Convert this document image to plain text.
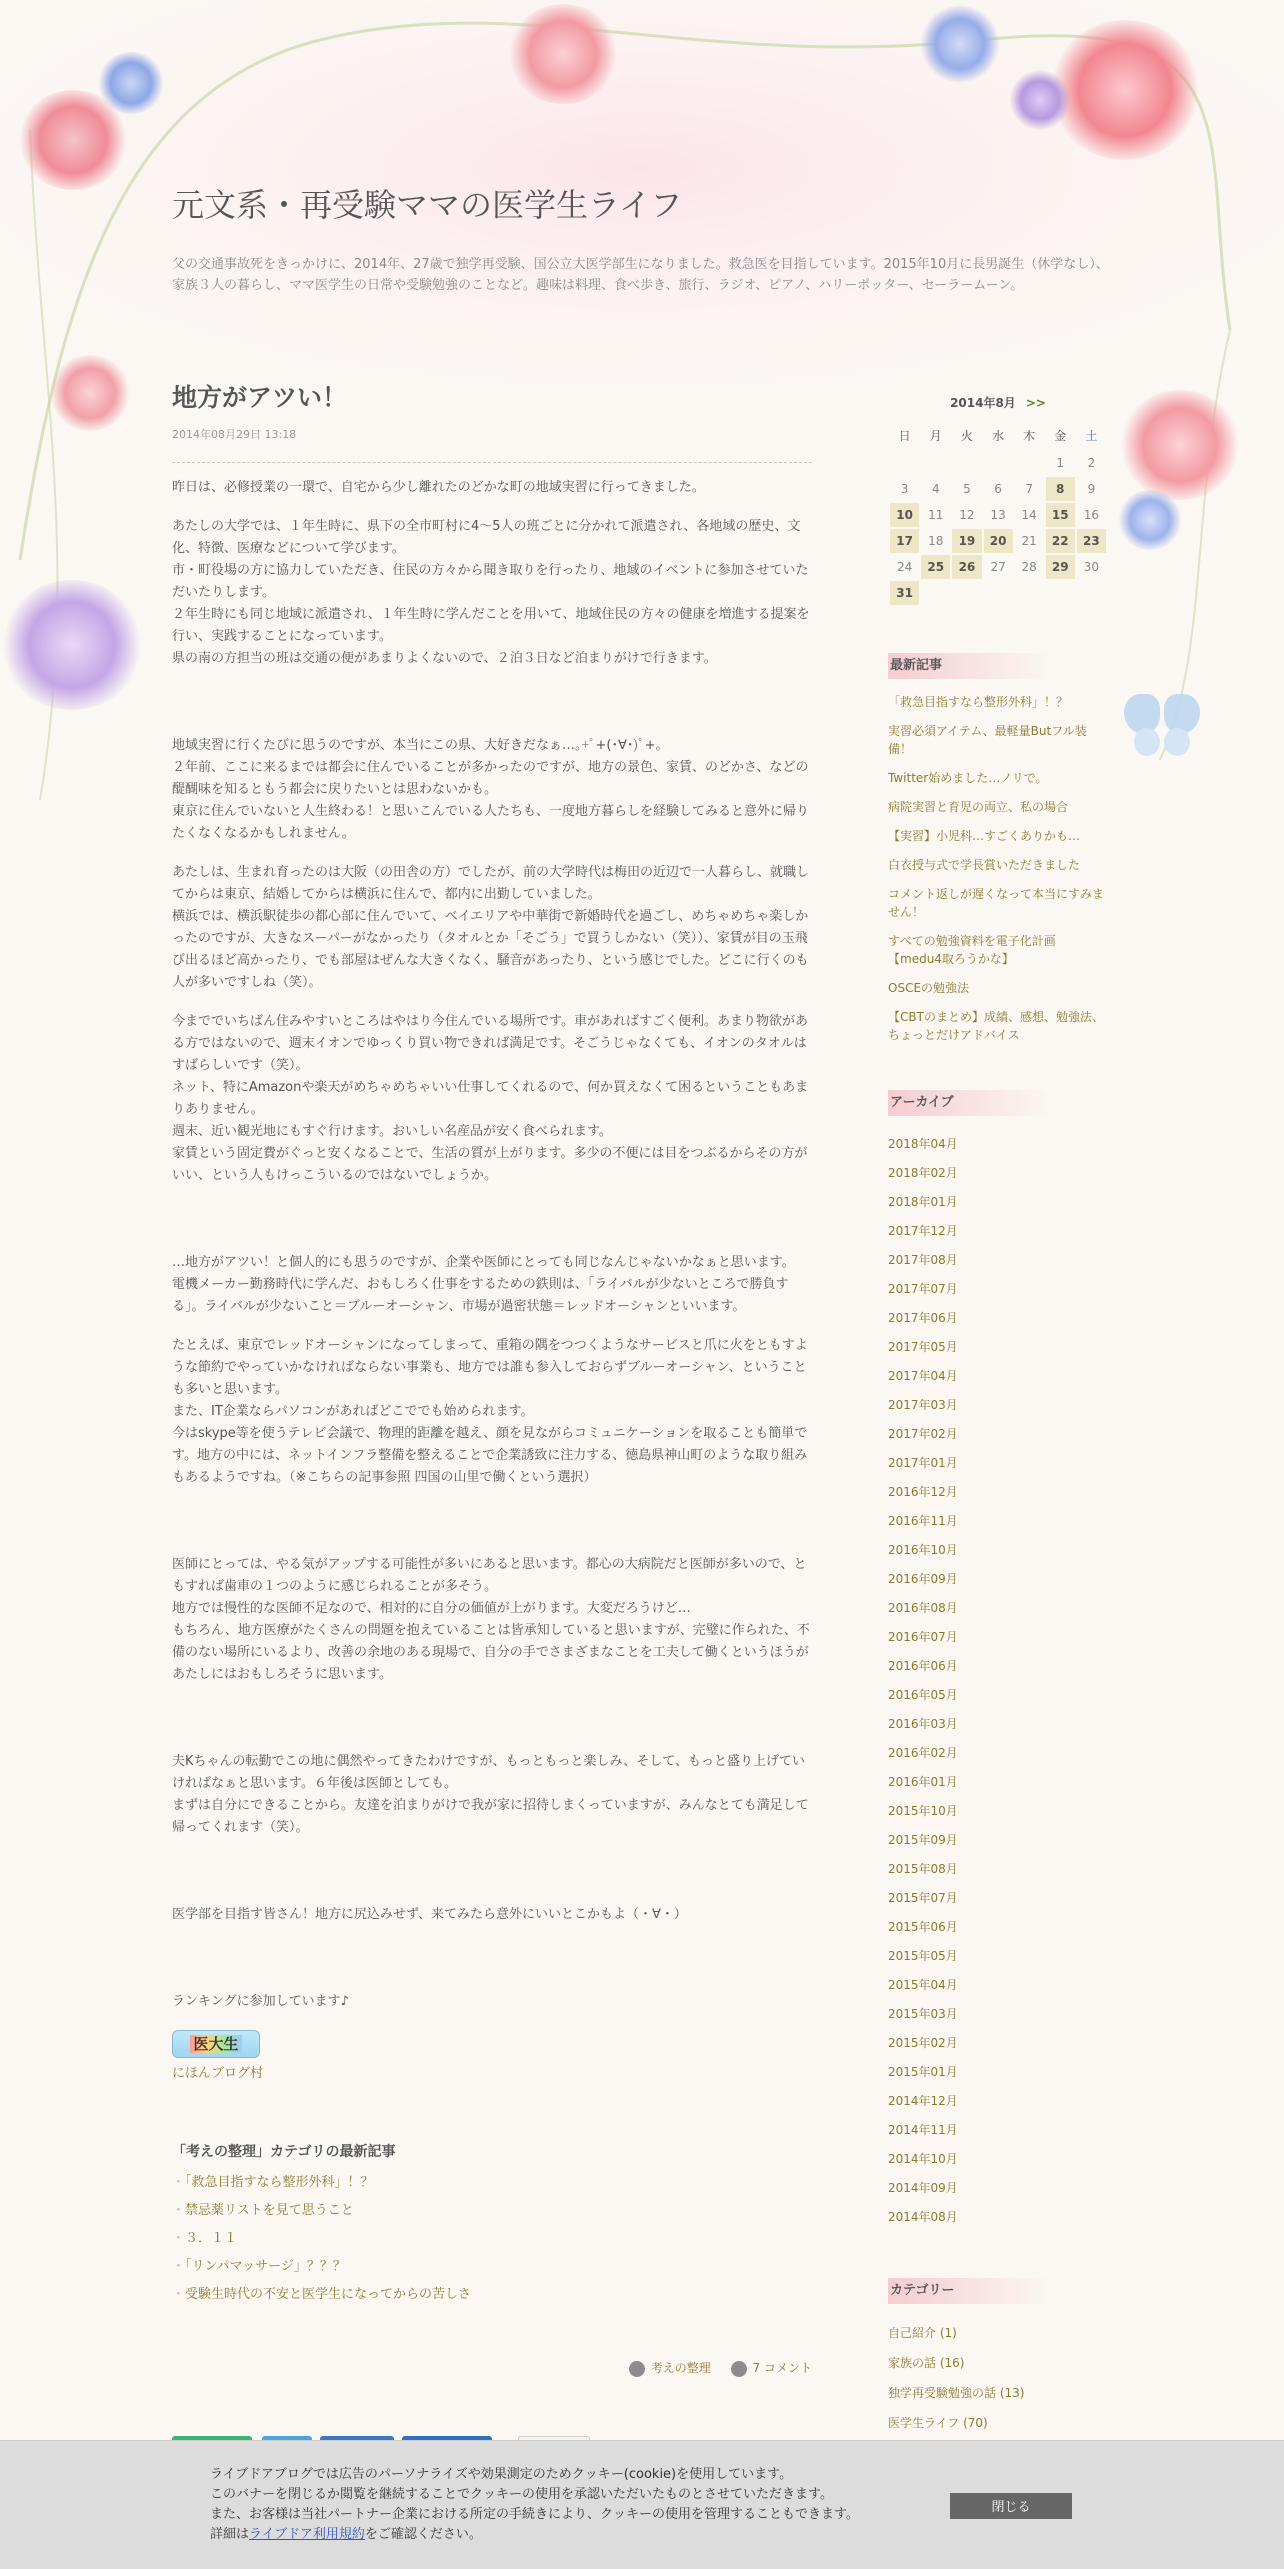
元文系・再受験ママの医学生ライフ
父の交通事故死をきっかけに、2014年、27歳で独学再受験、国公立大医学部生になりました。救急医を目指しています。2015年10月に長男誕生（休学なし）、家族３人の暮らし、ママ医学生の日常や受験勉強のことなど。趣味は料理、食べ歩き、旅行、ラジオ、ピアノ、ハリーポッター、セーラームーン。
地方がアツい！
2014年08月29日 13:18

昨日は、必修授業の一環で、自宅から少し離れたのどかな町の地域実習に行ってきました。

あたしの大学では、１年生時に、県下の全市町村に4～5人の班ごとに分かれて派遣され、各地域の歴史、文化、特徴、医療などについて学びます。
市・町役場の方に協力していただき、住民の方々から聞き取りを行ったり、地域のイベントに参加させていただいたりします。
２年生時にも同じ地域に派遣され、１年生時に学んだことを用いて、地域住民の方々の健康を増進する提案を行い、実践することになっています。
県の南の方担当の班は交通の便があまりよくないので、２泊３日など泊まりがけで行きます。

地域実習に行くたびに思うのですが、本当にこの県、大好きだなぁ…｡+ﾟ+(･∀･)ﾟ+｡
２年前、ここに来るまでは都会に住んでいることが多かったのですが、地方の景色、家賃、のどかさ、などの醍醐味を知るともう都会に戻りたいとは思わないかも。
東京に住んでいないと人生終わる！と思いこんでいる人たちも、一度地方暮らしを経験してみると意外に帰りたくなくなるかもしれません。

あたしは、生まれ育ったのは大阪（の田舎の方）でしたが、前の大学時代は梅田の近辺で一人暮らし、就職してからは東京、結婚してからは横浜に住んで、都内に出勤していました。
横浜では、横浜駅徒歩の都心部に住んでいて、ベイエリアや中華街で新婚時代を過ごし、めちゃめちゃ楽しかったのですが、大きなスーパーがなかったり（タオルとか「そごう」で買うしかない（笑））、家賃が目の玉飛び出るほど高かったり、でも部屋はぜんな大きくなく、騒音があったり、という感じでした。どこに行くのも人が多いですしね（笑）。

今まででいちばん住みやすいところはやはり今住んでいる場所です。車があればすごく便利。あまり物欲がある方ではないので、週末イオンでゆっくり買い物できれば満足です。そごうじゃなくても、イオンのタオルはすばらしいです（笑）。
ネット、特にAmazonや楽天がめちゃめちゃいい仕事してくれるので、何か買えなくて困るということもあまりありません。
週末、近い観光地にもすぐ行けます。おいしい名産品が安く食べられます。
家賃という固定費がぐっと安くなることで、生活の質が上がります。多少の不便には目をつぶるからその方がいい、という人もけっこういるのではないでしょうか。

…地方がアツい！と個人的にも思うのですが、企業や医師にとっても同じなんじゃないかなぁと思います。
電機メーカー勤務時代に学んだ、おもしろく仕事をするための鉄則は、「ライバルが少ないところで勝負する」。ライバルが少ないこと＝ブルーオーシャン、市場が過密状態＝レッドオーシャンといいます。

たとえば、東京でレッドオーシャンになってしまって、重箱の隅をつつくようなサービスと爪に火をともすような節約でやっていかなければならない事業も、地方では誰も参入しておらずブルーオーシャン、ということも多いと思います。
また、IT企業ならパソコンがあればどこででも始められます。
今はskype等を使うテレビ会議で、物理的距離を越え、顔を見ながらコミュニケーションを取ることも簡単です。地方の中には、ネットインフラ整備を整えることで企業誘致に注力する、徳島県神山町のような取り組みもあるようですね。（※こちらの記事参照 四国の山里で働くという選択）

医師にとっては、やる気がアップする可能性が多いにあると思います。都心の大病院だと医師が多いので、ともすれば歯車の１つのように感じられることが多そう。
地方では慢性的な医師不足なので、相対的に自分の価値が上がります。大変だろうけど…
もちろん、地方医療がたくさんの問題を抱えていることは皆承知していると思いますが、完璧に作られた、不備のない場所にいるより、改善の余地のある現場で、自分の手でさまざまなことを工夫して働くというほうがあたしにはおもしろそうに思います。

夫Kちゃんの転勤でこの地に偶然やってきたわけですが、もっともっと楽しみ、そして、もっと盛り上げていければなぁと思います。６年後は医師としても。
まずは自分にできることから。友達を泊まりがけで我が家に招待しまくっていますが、みんなとても満足して帰ってくれます（笑）。

医学部を目指す皆さん！地方に尻込みせず、来てみたら意外にいいとこかもよ（・∀・）

ランキングに参加しています♪

医大生
にほんブログ村
「考えの整理」カテゴリの最新記事
・ 「救急目指すなら整形外科」！？
・ 禁忌薬リストを見て思うこと
・ ３．１１
・ 「リンパマッサージ」？？？
・ 受験生時代の不安と医学生になってからの苦しさ
考えの整理	7 コメント
2014年8月 >>
日	月	火	水	木	金	土
					1	2
3	4	5	6	7	8	9
10	11	12	13	14	15	16
17	18	19	20	21	22	23
24	25	26	27	28	29	30
31						
最新記事
「救急目指すなら整形外科」！？
実習必須アイテム、最軽量Butフル装備！
Twitter始めました…ノリで。
病院実習と育児の両立、私の場合
【実習】小児科…すごくありかも…
白衣授与式で学長賞いただきました
コメント返しが遅くなって本当にすみません！
すべての勉強資料を電子化計画【medu4取ろうかな】
OSCEの勉強法
【CBTのまとめ】成績、感想、勉強法、ちょっとだけアドバイス
アーカイブ
2018年04月
2018年02月
2018年01月
2017年12月
2017年08月
2017年07月
2017年06月
2017年05月
2017年04月
2017年03月
2017年02月
2017年01月
2016年12月
2016年11月
2016年10月
2016年09月
2016年08月
2016年07月
2016年06月
2016年05月
2016年03月
2016年02月
2016年01月
2015年10月
2015年09月
2015年08月
2015年07月
2015年06月
2015年05月
2015年04月
2015年03月
2015年02月
2015年01月
2014年12月
2014年11月
2014年10月
2014年09月
2014年08月
カテゴリー
自己紹介 (1)
家族の話 (16)
独学再受験勉強の話 (13)
医学生ライフ (70)
ライブドアブログでは広告のパーソナライズや効果測定のためクッキー(cookie)を使用しています。
このバナーを閉じるか閲覧を継続することでクッキーの使用を承認いただいたものとさせていただきます。
また、お客様は当社パートナー企業における所定の手続きにより、クッキーの使用を管理することもできます。
詳細はライブドア利用規約をご確認ください。
閉じる
